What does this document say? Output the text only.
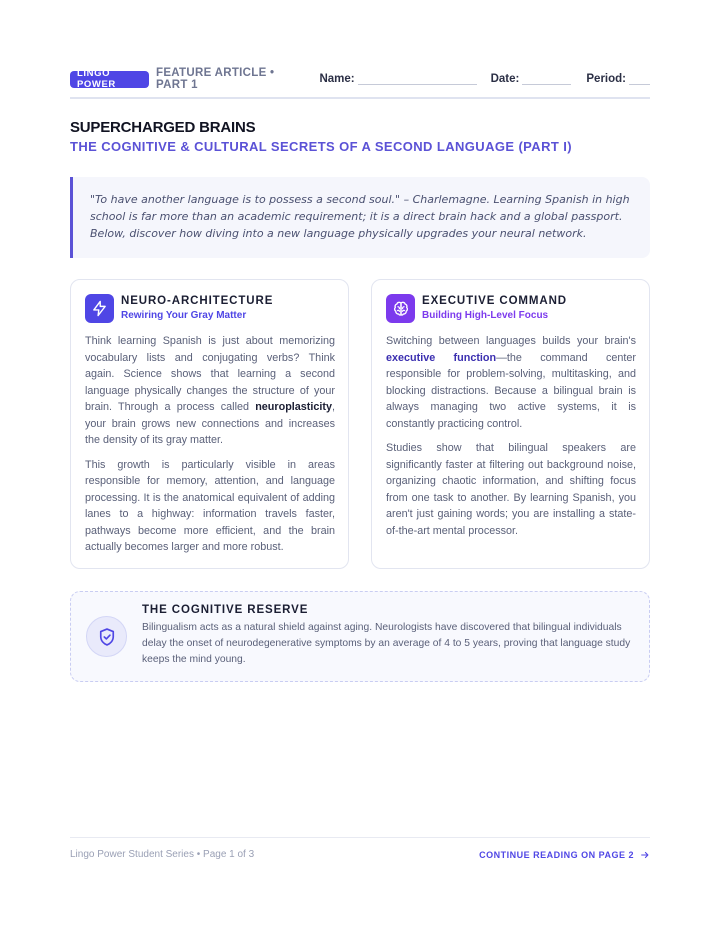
LINGO POWER
FEATURE ARTICLE • PART 1	Name:	Date:	Period:
SUPERCHARGED BRAINS
THE COGNITIVE & CULTURAL SECRETS OF A SECOND LANGUAGE (PART I)

"To have another language is to possess a second soul." – Charlemagne. Learning Spanish in high school is far more than an academic requirement; it is a direct brain hack and a global passport. Below, discover how diving into a new language physically upgrades your neural network.

NEURO-ARCHITECTURE
Rewiring Your Gray Matter

Think learning Spanish is just about memorizing vocabulary lists and conjugating verbs? Think again. Science shows that learning a second language physically changes the structure of your brain. Through a process called neuroplasticity, your brain grows new connections and increases the density of its gray matter.

This growth is particularly visible in areas responsible for memory, attention, and language processing. It is the anatomical equivalent of adding lanes to a highway: information travels faster, pathways become more efficient, and the brain actually becomes larger and more robust.

EXECUTIVE COMMAND
Building High-Level Focus

Switching between languages builds your brain's executive function—the command center responsible for problem-solving, multitasking, and blocking distractions. Because a bilingual brain is always managing two active systems, it is constantly practicing control.

Studies show that bilingual speakers are significantly faster at filtering out background noise, organizing chaotic information, and shifting focus from one task to another. By learning Spanish, you aren't just gaining words; you are installing a state-of-the-art mental processor.

THE COGNITIVE RESERVE
Bilingualism acts as a natural shield against aging. Neurologists have discovered that bilingual individuals delay the onset of neurodegenerative symptoms by an average of 4 to 5 years, proving that language study keeps the mind young.
Lingo Power Student Series • Page 1 of 3	CONTINUE READING ON PAGE 2
